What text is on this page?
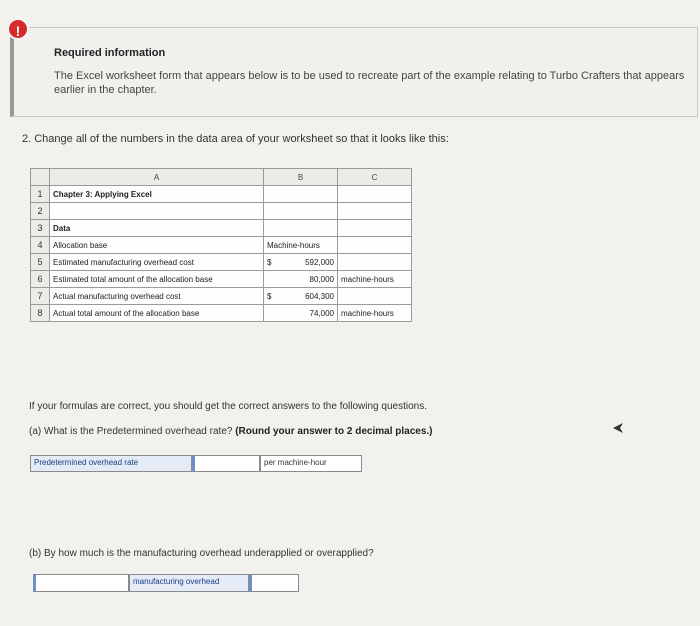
Required information
The Excel worksheet form that appears below is to be used to recreate part of the example relating to Turbo Crafters that appears earlier in the chapter.
!
2. Change all of the numbers in the data area of your worksheet so that it looks like this:
	A	B	C
1	Chapter 3: Applying Excel		
2			
3	Data		
4	Allocation base	Machine-hours	
5	Estimated manufacturing overhead cost	$ 592,000	

6	Estimated total amount of the allocation base	80,000	machine-hours
7	Actual manufacturing overhead cost	$ 604,300	

8	Actual total amount of the allocation base	74,000	machine-hours
If your formulas are correct, you should get the correct answers to the following questions.
(a) What is the Predetermined overhead rate? (Round your answer to 2 decimal places.)
Predetermined overhead rate	per machine-hour
(b) By how much is the manufacturing overhead underapplied or overapplied?
manufacturing overhead
